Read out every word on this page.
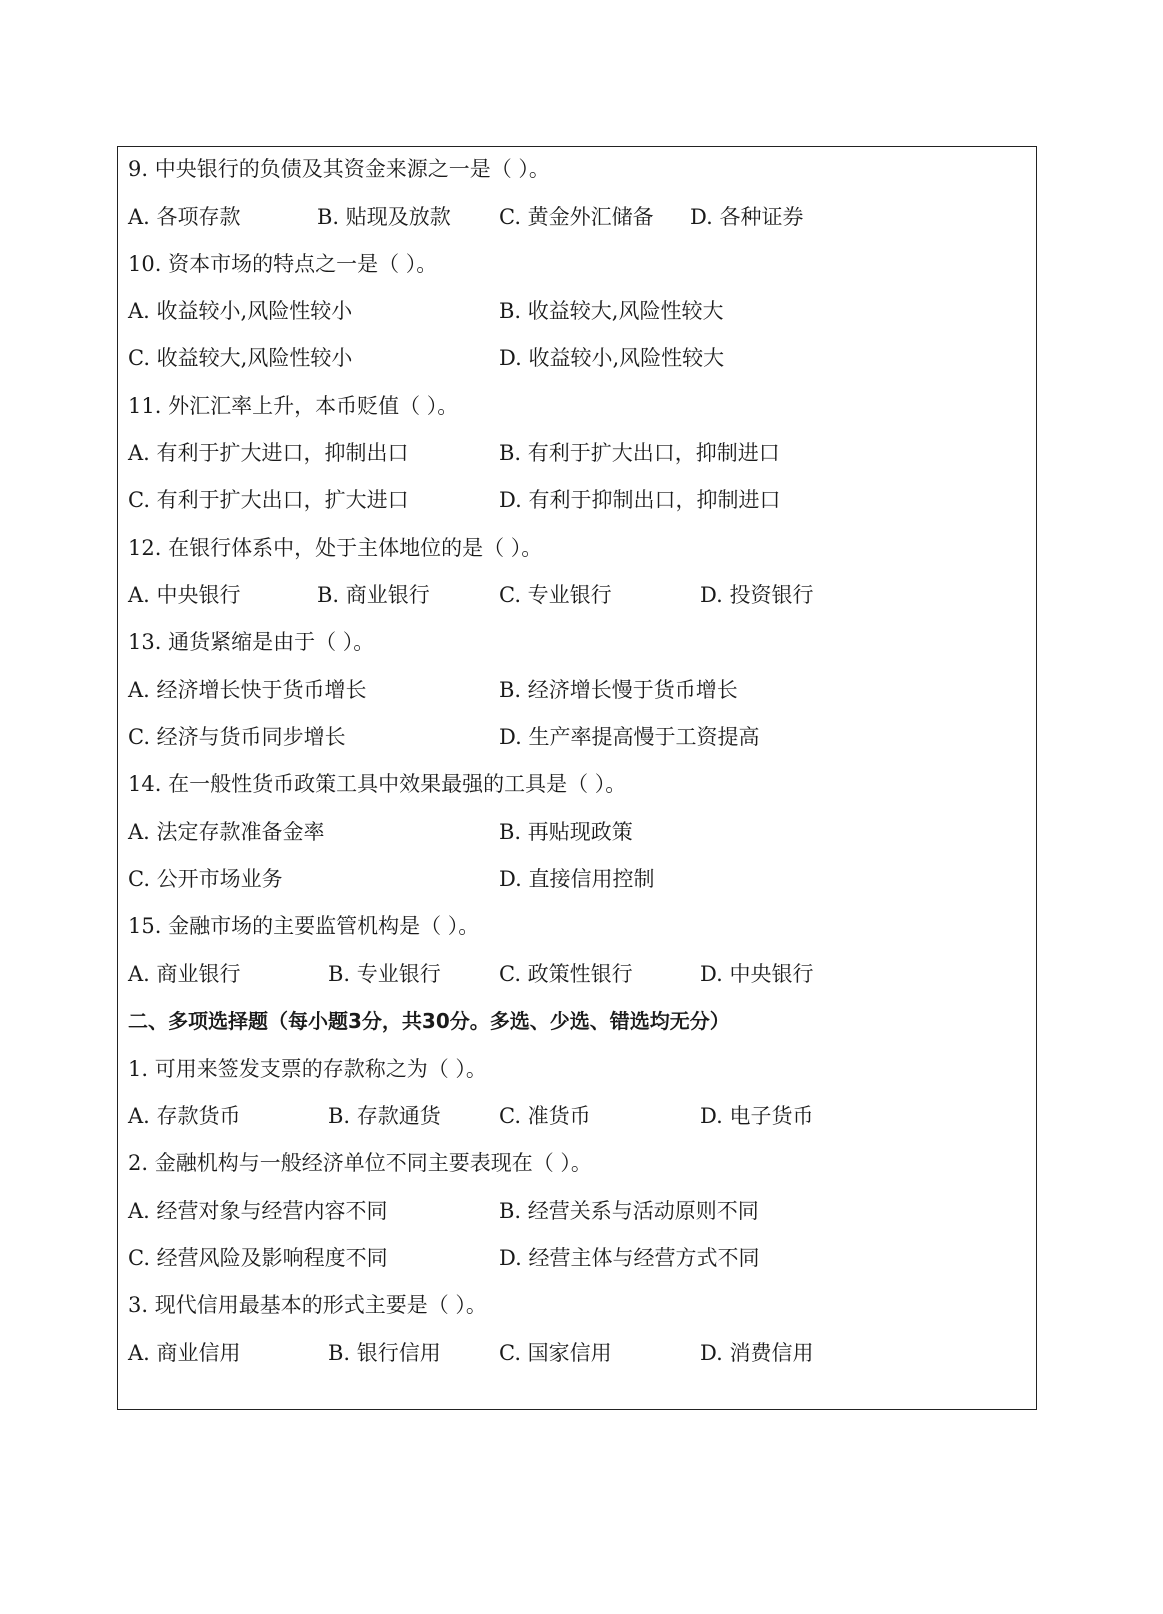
9. 中央银行的负债及其资金来源之一是（ ）。
A. 各项存款	B. 贴现及放款 C. 黄金外汇储备 D. 各种证券
10. 资本市场的特点之一是（ ）。
A. 收益较小,风险性较小	B. 收益较大,风险性较大
C. 收益较大,风险性较小	D. 收益较小,风险性较大
11. 外汇汇率上升，本币贬值（ ）。
A. 有利于扩大进口，抑制出口	B. 有利于扩大出口，抑制进口
C. 有利于扩大出口，扩大进口	D. 有利于抑制出口，抑制进口
12. 在银行体系中，处于主体地位的是（ ）。
A. 中央银行	B. 商业银行	C. 专业银行	D. 投资银行
13. 通货紧缩是由于（ ）。
A. 经济增长快于货币增长	B. 经济增长慢于货币增长
C. 经济与货币同步增长	D. 生产率提高慢于工资提高
14. 在一般性货币政策工具中效果最强的工具是（ ）。
A. 法定存款准备金率	B. 再贴现政策
C. 公开市场业务	D. 直接信用控制
15. 金融市场的主要监管机构是（ ）。
A. 商业银行	B. 专业银行	C. 政策性银行	D. 中央银行
二、多项选择题（每小题3分，共30分。多选、少选、错选均无分）
1. 可用来签发支票的存款称之为（ ）。
A. 存款货币	B. 存款通货	C. 准货币	D. 电子货币
2. 金融机构与一般经济单位不同主要表现在（ ）。
A. 经营对象与经营内容不同	B. 经营关系与活动原则不同
C. 经营风险及影响程度不同	D. 经营主体与经营方式不同
3. 现代信用最基本的形式主要是（ ）。
A. 商业信用	B. 银行信用	C. 国家信用	D. 消费信用
